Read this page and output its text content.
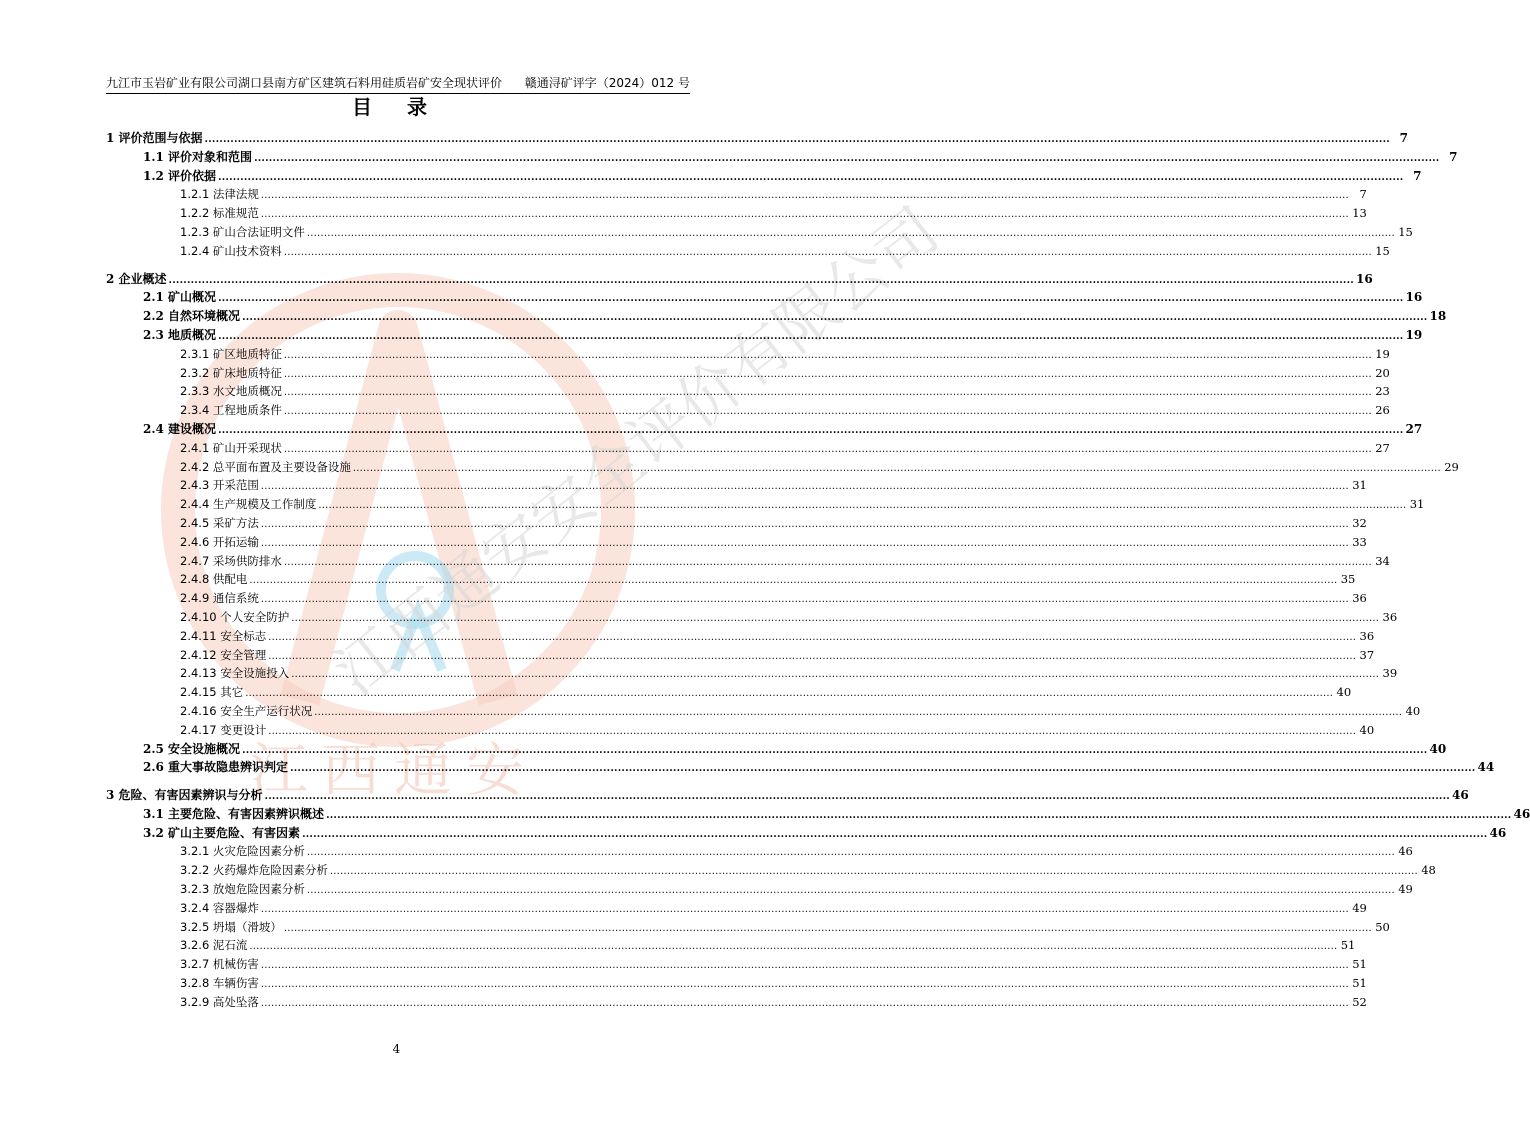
江西通安安全评价有限公司
江西通安
九江市玉岩矿业有限公司湖口县南方矿区建筑石料用硅质岩矿安全现状评价 赣通浔矿评字（2024）012 号
目 录
1 评价范围与依据 .....	7
1.1 评价对象和范围 .....	7
1.2 评价依据 .....	7
1.2.1 法律法规 .....	7
1.2.2 标准规范 .....	13
1.2.3 矿山合法证明文件 .....	15
1.2.4 矿山技术资料 .....	15
2 企业概述 .....	16
2.1 矿山概况 .....	16
2.2 自然环境概况 .....	18
2.3 地质概况 .....	19
2.3.1 矿区地质特征 .....	19
2.3.2 矿床地质特征 .....	20
2.3.3 水文地质概况 .....	23
2.3.4 工程地质条件 .....	26
2.4 建设概况 .....	27
2.4.1 矿山开采现状 .....	27
2.4.2 总平面布置及主要设备设施 .....	29
2.4.3 开采范围 .....	31
2.4.4 生产规模及工作制度 .....	31
2.4.5 采矿方法 .....	32
2.4.6 开拓运输 .....	33
2.4.7 采场供防排水 .....	34
2.4.8 供配电 .....	35
2.4.9 通信系统 .....	36
2.4.10 个人安全防护 .....	36
2.4.11 安全标志 .....	36
2.4.12 安全管理 .....	37
2.4.13 安全设施投入 .....	39
2.4.15 其它 .....	40
2.4.16 安全生产运行状况 .....	40
2.4.17 变更设计 .....	40
2.5 安全设施概况 .....	40
2.6 重大事故隐患辨识判定 .....	44
3 危险、有害因素辨识与分析 .....	46
3.1 主要危险、有害因素辨识概述 .....	46
3.2 矿山主要危险、有害因素 .....	46
3.2.1 火灾危险因素分析 .....	46
3.2.2 火药爆炸危险因素分析 .....	48
3.2.3 放炮危险因素分析 .....	49
3.2.4 容器爆炸 .....	49
3.2.5 坍塌（滑坡） .....	50
3.2.6 泥石流 .....	51
3.2.7 机械伤害 .....	51
3.2.8 车辆伤害 .....	51
3.2.9 高处坠落 .....	52
4
